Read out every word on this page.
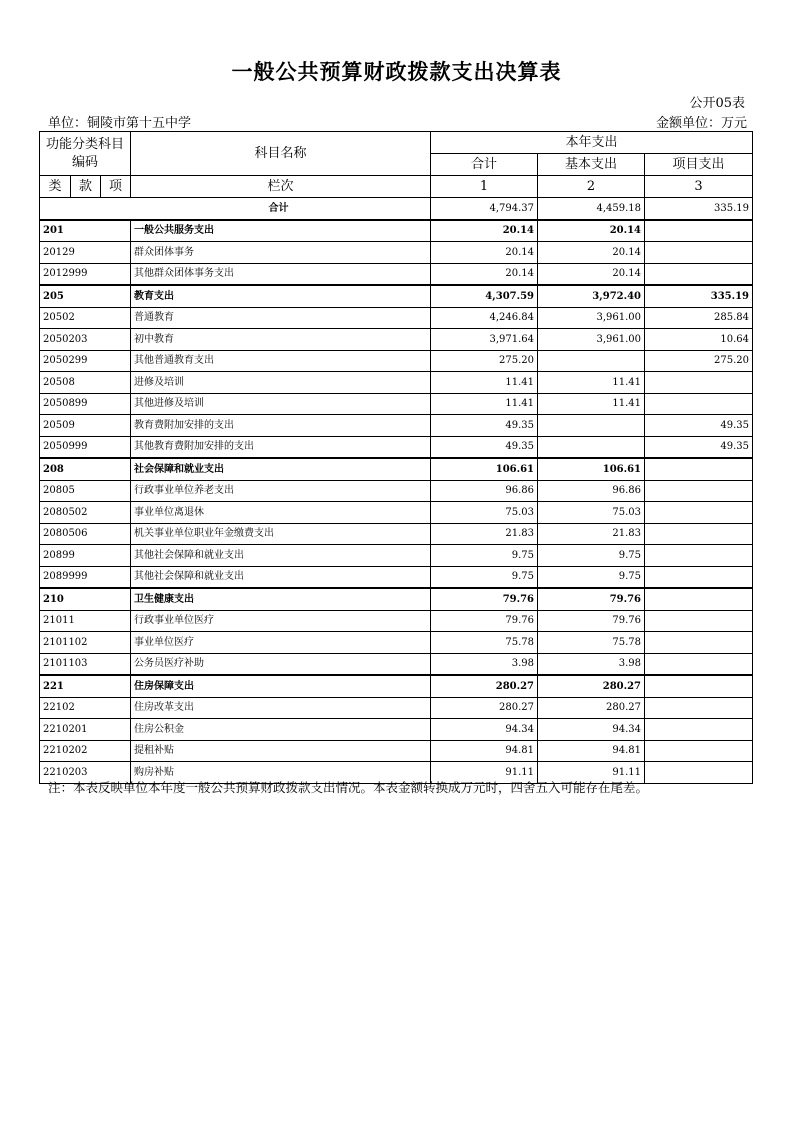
一般公共预算财政拨款支出决算表
公开05表
单位：铜陵市第十五中学	金额单位：万元
功能分类科目编码			科目名称	本年支出		
				合计	基本支出	项目支出
类	款	项				
			栏次	1	2	3
合计				4,794.37	4,459.18	335.19
201			一般公共服务支出	20.14	20.14	
20129			群众团体事务	20.14	20.14	
2012999			其他群众团体事务支出	20.14	20.14	
205			教育支出	4,307.59	3,972.40	335.19
20502			普通教育	4,246.84	3,961.00	285.84
2050203			初中教育	3,971.64	3,961.00	10.64
2050299			其他普通教育支出	275.20		275.20
20508			进修及培训	11.41	11.41	
2050899			其他进修及培训	11.41	11.41	
20509			教育费附加安排的支出	49.35		49.35
2050999			其他教育费附加安排的支出	49.35		49.35
208			社会保障和就业支出	106.61	106.61	
20805			行政事业单位养老支出	96.86	96.86	
2080502			事业单位离退休	75.03	75.03	
2080506			机关事业单位职业年金缴费支出	21.83	21.83	
20899			其他社会保障和就业支出	9.75	9.75	
2089999			其他社会保障和就业支出	9.75	9.75	
210			卫生健康支出	79.76	79.76	
21011			行政事业单位医疗	79.76	79.76	
2101102			事业单位医疗	75.78	75.78	
2101103			公务员医疗补助	3.98	3.98	
221			住房保障支出	280.27	280.27	
22102			住房改革支出	280.27	280.27	
2210201			住房公积金	94.34	94.34	
2210202			提租补贴	94.81	94.81	
2210203			购房补贴	91.11	91.11	
注：本表反映单位本年度一般公共预算财政拨款支出情况。本表金额转换成万元时，四舍五入可能存在尾差。
